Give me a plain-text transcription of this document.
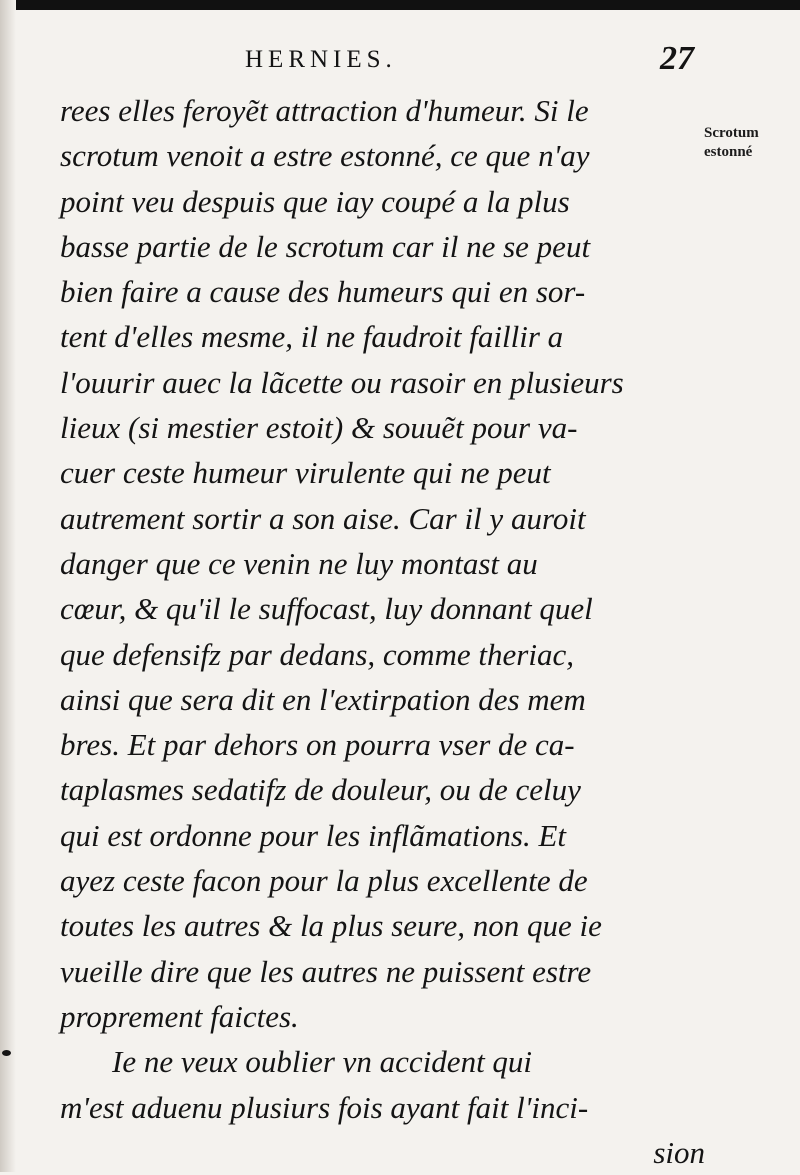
HERNIES.	27
Scrotum
estonné
rees elles feroyẽt attraction d'humeur. Si le
scrotum venoit a estre estonné, ce que n'ay
point veu despuis que iay coupé a la plus
basse partie de le scrotum car il ne se peut
bien faire a cause des humeurs qui en sor-
tent d'elles mesme, il ne faudroit faillir a
l'ouurir auec la lãcette ou rasoir en plusieurs
lieux (si mestier estoit) & souuẽt pour va-
cuer ceste humeur virulente qui ne peut
autrement sortir a son aise. Car il y auroit
danger que ce venin ne luy montast au
cœur, & qu'il le suffocast, luy donnant quel
que defensifz par dedans, comme theriac,
ainsi que sera dit en l'extirpation des mem
bres. Et par dehors on pourra vser de ca-
taplasmes sedatifz de douleur, ou de celuy
qui est ordonne pour les inflãmations. Et
ayez ceste facon pour la plus excellente de
toutes les autres & la plus seure, non que ie
vueille dire que les autres ne puissent estre
proprement faictes.
Ie ne veux oublier vn accident qui
m'est aduenu plusiurs fois ayant fait l'inci-
sion
